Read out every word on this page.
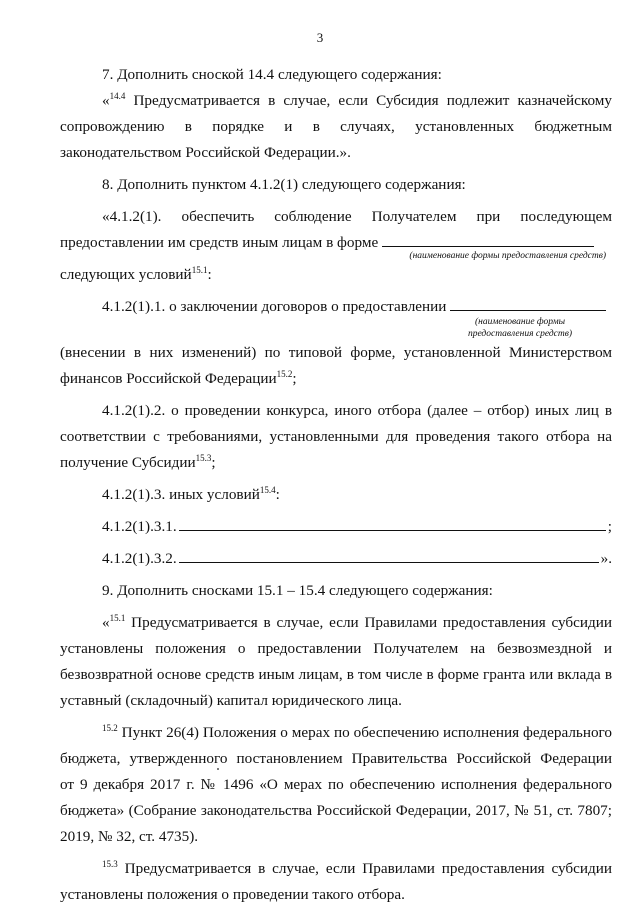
3

7. Дополнить сноской 14.4 следующего содержания:

«$^{14.4}$ Предусматривается в случае, если Субсидия подлежит казначейскому

сопровождению в порядке и в случаях, установленных бюджетным

законодательством Российской Федерации.».

8. Дополнить пунктом 4.1.2(1) следующего содержания:

«4.1.2(1). обеспечить соблюдение Получателем при последующем

предоставлении им средств иным лицам в форме

(наименование формы предоставления средств)

следующих условий$^{15.1}$:

4.1.2(1).1. о заключении договоров о предоставлении

(наименование формы предоставления средств)

(внесении в них изменений) по типовой форме, установленной Министерством

финансов Российской Федерации$^{15.2}$;

4.1.2(1).2. о проведении конкурса, иного отбора (далее – отбор) иных лиц в

соответствии с требованиями, установленными для проведения такого отбора на

получение Субсидии$^{15.3}$;

4.1.2(1).3. иных условий$^{15.4}$:

4.1.2(1).3.1.	;
4.1.2(1).3.2.	».

9. Дополнить сносками 15.1 – 15.4 следующего содержания:

«$^{15.1}$ Предусматривается в случае, если Правилами предоставления субсидии

установлены положения о предоставлении Получателем на безвозмездной и

безвозвратной основе средств иным лицам, в том числе в форме гранта или вклада в

уставный (складочный) капитал юридического лица.

$^{15.2}$ Пункт 26(4) Положения о мерах по обеспечению исполнения федерального

бюджета, утвержденного постановлением Правительства Российской Федерации

от 9 декабря 2017 г. № 1496 «О мерах по обеспечению исполнения федерального

бюджета» (Собрание законодательства Российской Федерации, 2017, № 51, ст. 7807;

2019, № 32, ст. 4735).

$^{15.3}$ Предусматривается в случае, если Правилами предоставления субсидии

установлены положения о проведении такого отбора.
